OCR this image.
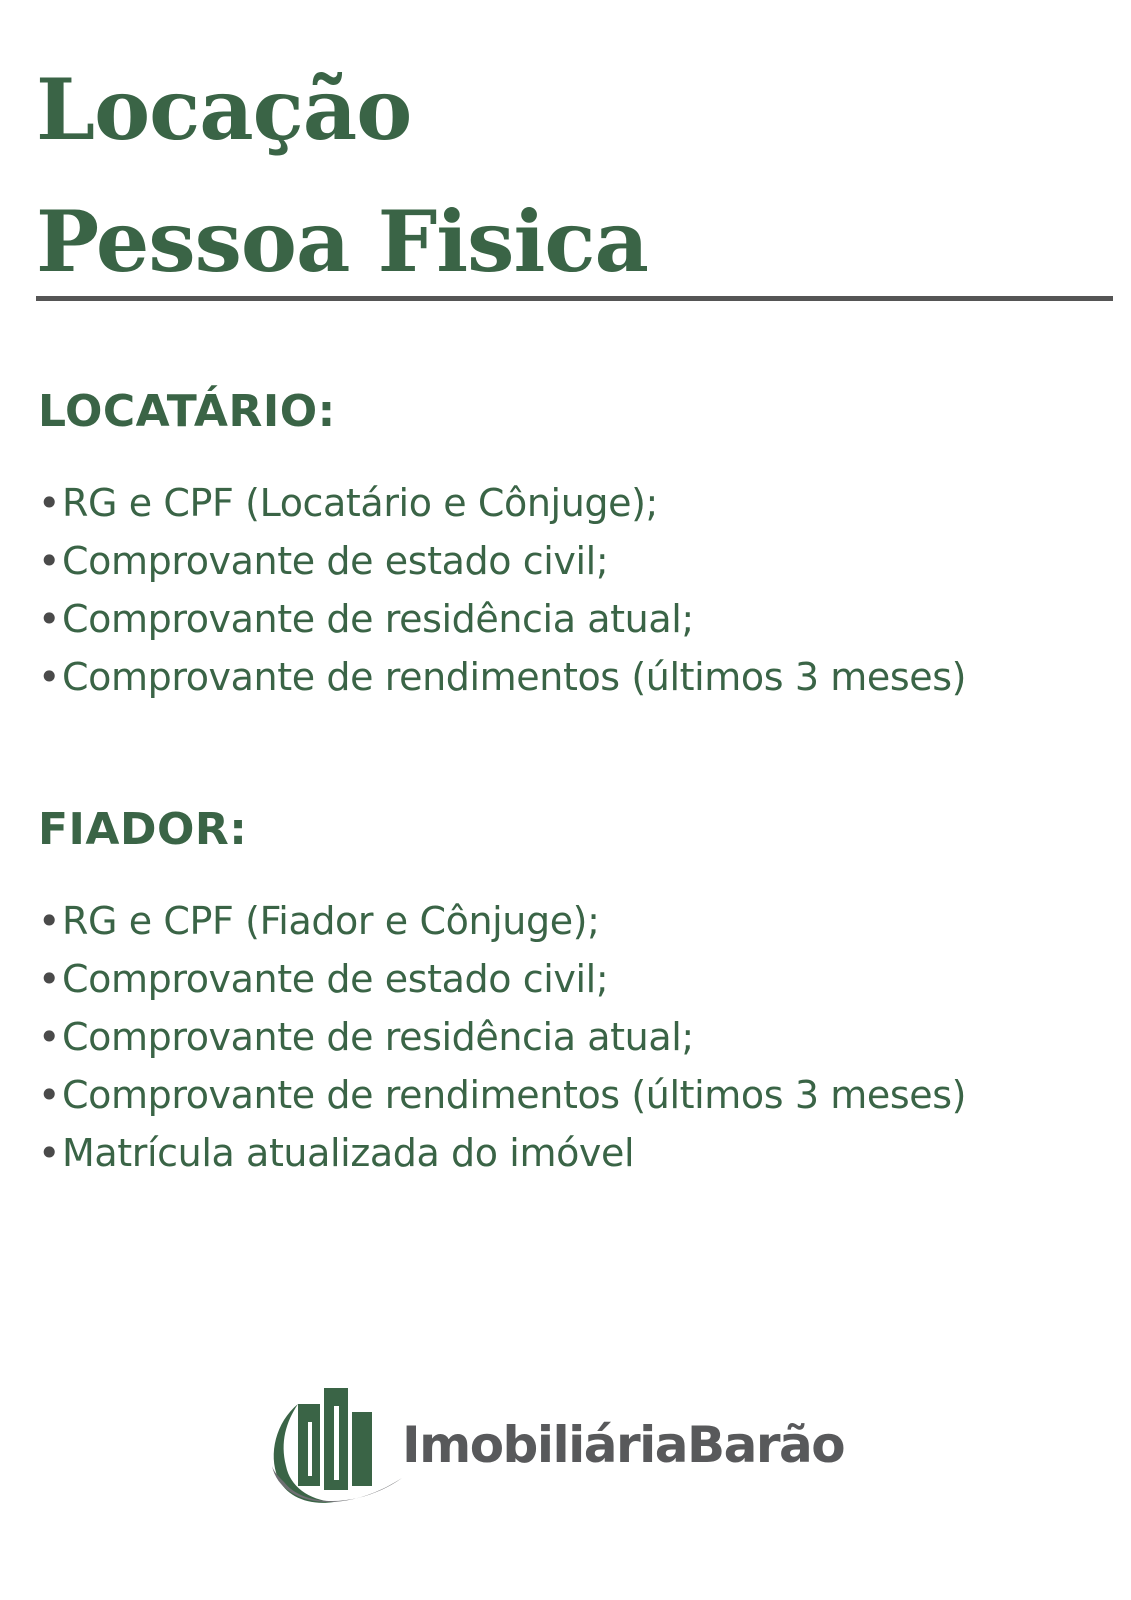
Locação
Pessoa Fisica
LOCATÁRIO:
•RG e CPF (Locatário e Cônjuge);
•Comprovante de estado civil;
•Comprovante de residência atual;
•Comprovante de rendimentos (últimos 3 meses)
FIADOR:
•RG e CPF (Fiador e Cônjuge);
•Comprovante de estado civil;
•Comprovante de residência atual;
•Comprovante de rendimentos (últimos 3 meses)
•Matrícula atualizada do imóvel
ImobiliáriaBarão
